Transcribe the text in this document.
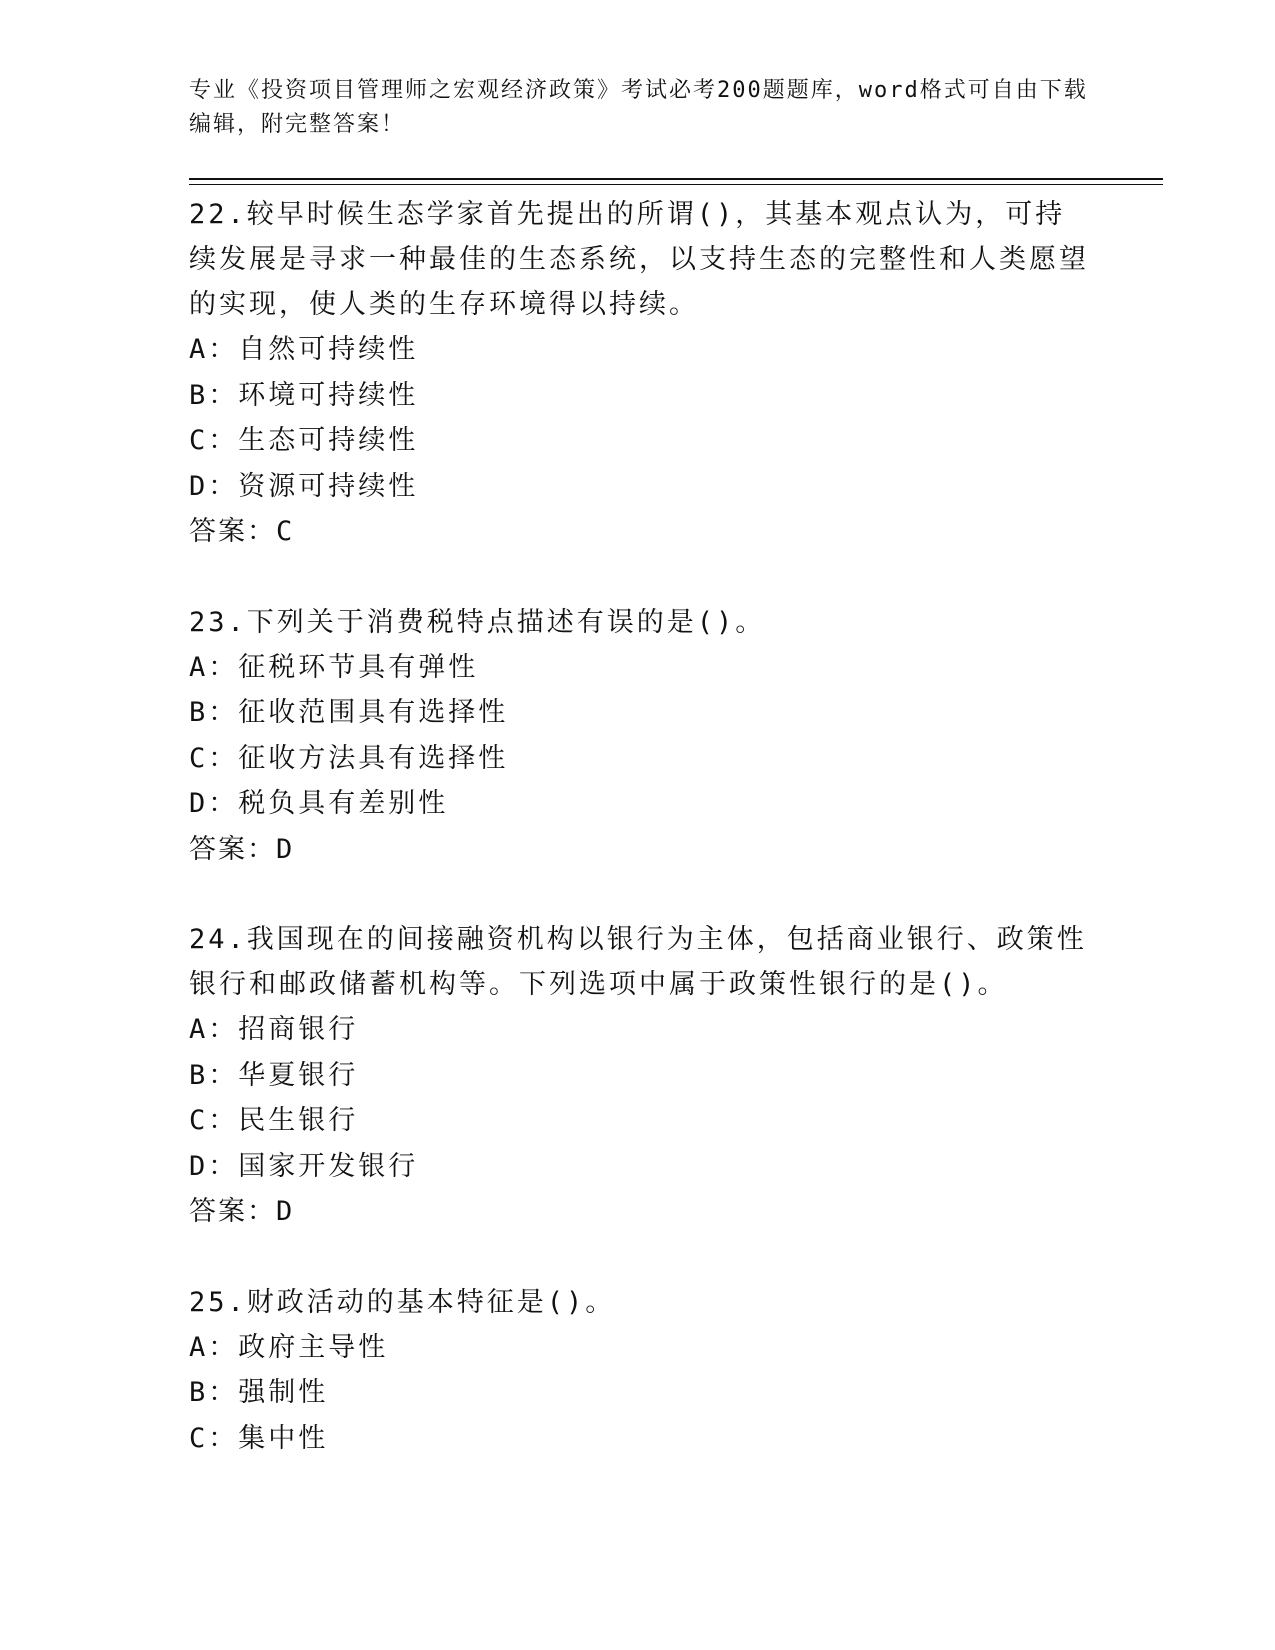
专业《投资项目管理师之宏观经济政策》考试必考200题题库，word格式可自由下载编辑，附完整答案！

22.较早时候生态学家首先提出的所谓()，其基本观点认为，可持续发展是寻求一种最佳的生态系统，以支持生态的完整性和人类愿望的实现，使人类的生存环境得以持续。

A：自然可持续性

B：环境可持续性

C：生态可持续性

D：资源可持续性

答案：C

23.下列关于消费税特点描述有误的是()。

A：征税环节具有弹性

B：征收范围具有选择性

C：征收方法具有选择性

D：税负具有差别性

答案：D

24.我国现在的间接融资机构以银行为主体，包括商业银行、政策性银行和邮政储蓄机构等。下列选项中属于政策性银行的是()。

A：招商银行

B：华夏银行

C：民生银行

D：国家开发银行

答案：D

25.财政活动的基本特征是()。

A：政府主导性

B：强制性

C：集中性
